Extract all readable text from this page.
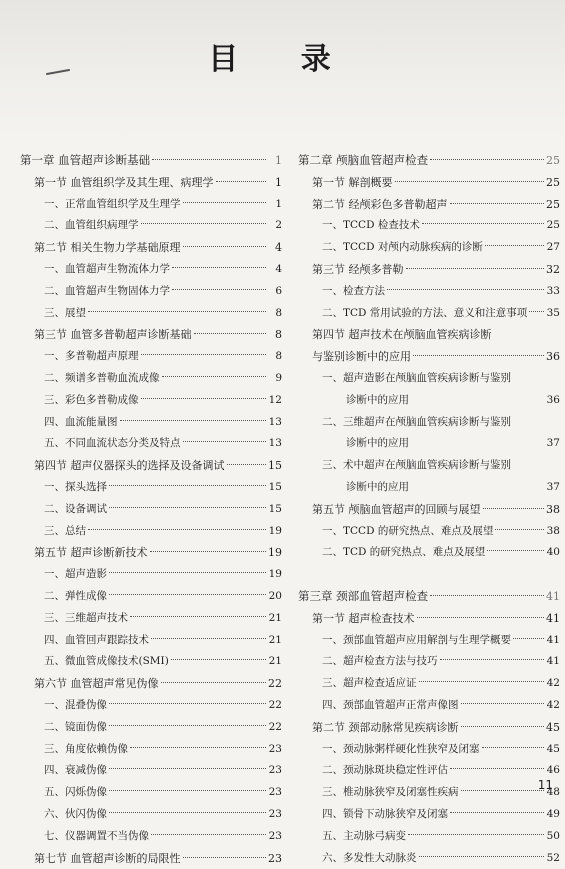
目 录
第一章 血管超声诊断基础	1
第一节 血管组织学及其生理、病理学	1
一、正常血管组织学及生理学	1
二、血管组织病理学	2
第二节 相关生物力学基础原理	4
一、血管超声生物流体力学	4
二、血管超声生物固体力学	6
三、展望	8
第三节 血管多普勒超声诊断基础	8
一、多普勒超声原理	8
二、频谱多普勒血流成像	9
三、彩色多普勒成像	12
四、血流能量图	13
五、不同血流状态分类及特点	13
第四节 超声仪器探头的选择及设备调试	15
一、探头选择	15
二、设备调试	15
三、总结	19
第五节 超声诊断新技术	19
一、超声造影	19
二、弹性成像	20
三、三维超声技术	21
四、血管回声跟踪技术	21
五、微血管成像技术(SMI)	21
第六节 血管超声常见伪像	22
一、混叠伪像	22
二、镜面伪像	22
三、角度依赖伪像	23
四、衰减伪像	23
五、闪烁伪像	23
六、伙闪伪像	23
七、仪器调置不当伪像	23
第七节 血管超声诊断的局限性	23
第二章 颅脑血管超声检查	25
第一节 解剖概要	25
第二节 经颅彩色多普勒超声	25
一、TCCD 检查技术	25
二、TCCD 对颅内动脉疾病的诊断	27
第三节 经颅多普勒	32
一、检查方法	33
二、TCD 常用试验的方法、意义和注意事项 35
第四节 超声技术在颅脑血管疾病诊断
与鉴别诊断中的应用	36
一、超声造影在颅脑血管疾病诊断与鉴别
诊断中的应用	36
二、三维超声在颅脑血管疾病诊断与鉴别
诊断中的应用	37
三、术中超声在颅脑血管疾病诊断与鉴别
诊断中的应用	37
第五节 颅脑血管超声的回顾与展望	38
一、TCCD 的研究热点、难点及展望	38
二、TCD 的研究热点、难点及展望	40
第三章 颈部血管超声检查	41
第一节 超声检查技术	41
一、颈部血管超声应用解剖与生理学概要	41
二、超声检查方法与技巧	41
三、超声检查适应证	42
四、颈部血管超声正常声像图	42
第二节 颈部动脉常见疾病诊断	45
一、颈动脉粥样硬化性狭窄及闭塞	45
二、颈动脉斑块稳定性评估	46
三、椎动脉狭窄及闭塞性疾病	48
四、锁骨下动脉狭窄及闭塞	49
五、主动脉弓病变	50
六、多发性大动脉炎	52
11
